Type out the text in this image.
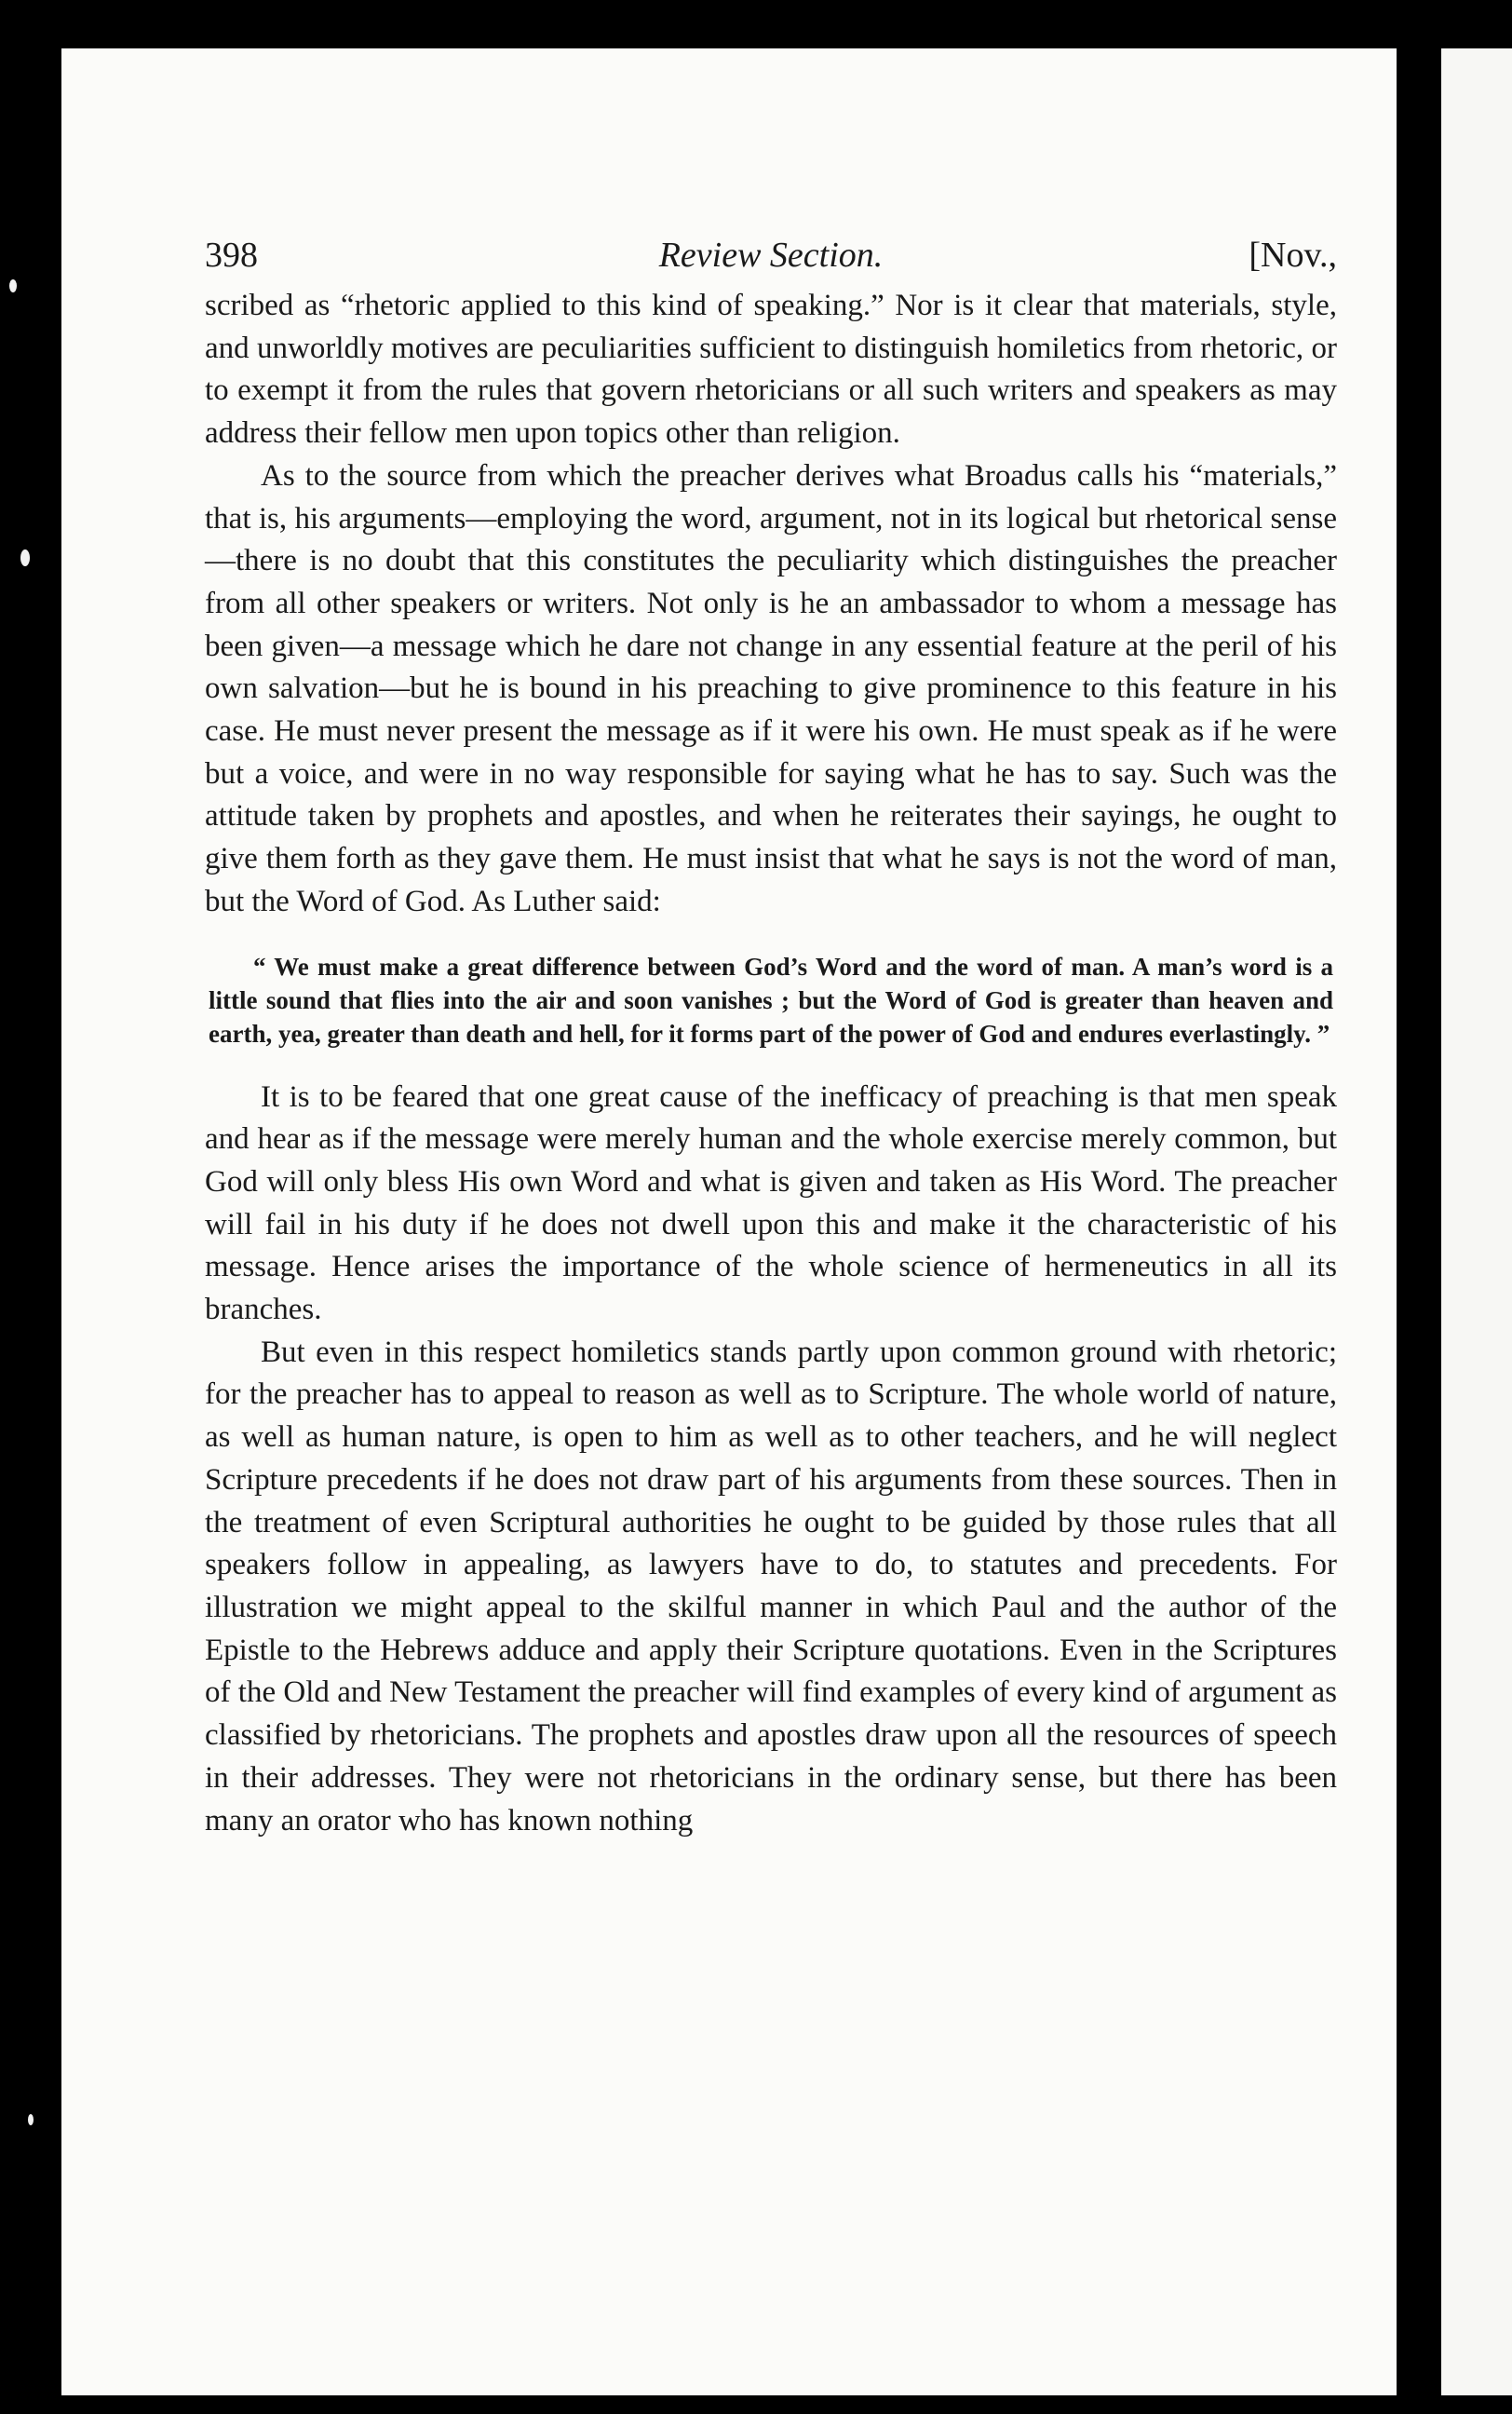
398	Review Section.	[Nov.,

scribed as “rhetoric applied to this kind of speaking.” Nor is it clear that materials, style, and unworldly motives are peculiarities sufficient to distinguish homiletics from rhetoric, or to exempt it from the rules that govern rhetoricians or all such writers and speakers as may address their fellow men upon topics other than religion.

As to the source from which the preacher derives what Broadus calls his “materials,” that is, his arguments—employing the word, argument, not in its logical but rhetorical sense—there is no doubt that this constitutes the peculiarity which distinguishes the preacher from all other speakers or writers. Not only is he an ambassador to whom a message has been given—a message which he dare not change in any essential feature at the peril of his own salvation—but he is bound in his preaching to give prominence to this feature in his case. He must never present the message as if it were his own. He must speak as if he were but a voice, and were in no way responsible for saying what he has to say. Such was the attitude taken by prophets and apostles, and when he reiterates their sayings, he ought to give them forth as they gave them. He must insist that what he says is not the word of man, but the Word of God. As Luther said:

“ We must make a great difference between God’s Word and the word of man. A man’s word is a little sound that flies into the air and soon vanishes ; but the Word of God is greater than heaven and earth, yea, greater than death and hell, for it forms part of the power of God and endures everlastingly. ”

It is to be feared that one great cause of the inefficacy of preaching is that men speak and hear as if the message were merely human and the whole exercise merely common, but God will only bless His own Word and what is given and taken as His Word. The preacher will fail in his duty if he does not dwell upon this and make it the characteristic of his message. Hence arises the importance of the whole science of hermeneutics in all its branches.

But even in this respect homiletics stands partly upon common ground with rhetoric; for the preacher has to appeal to reason as well as to Scripture. The whole world of nature, as well as human nature, is open to him as well as to other teachers, and he will neglect Scripture precedents if he does not draw part of his arguments from these sources. Then in the treatment of even Scriptural authorities he ought to be guided by those rules that all speakers follow in appealing, as lawyers have to do, to statutes and precedents. For illustration we might appeal to the skilful manner in which Paul and the author of the Epistle to the Hebrews adduce and apply their Scripture quotations. Even in the Scriptures of the Old and New Testament the preacher will find examples of every kind of argument as classified by rhetoricians. The prophets and apostles draw upon all the resources of speech in their addresses. They were not rhetoricians in the ordinary sense, but there has been many an orator who has known nothing
